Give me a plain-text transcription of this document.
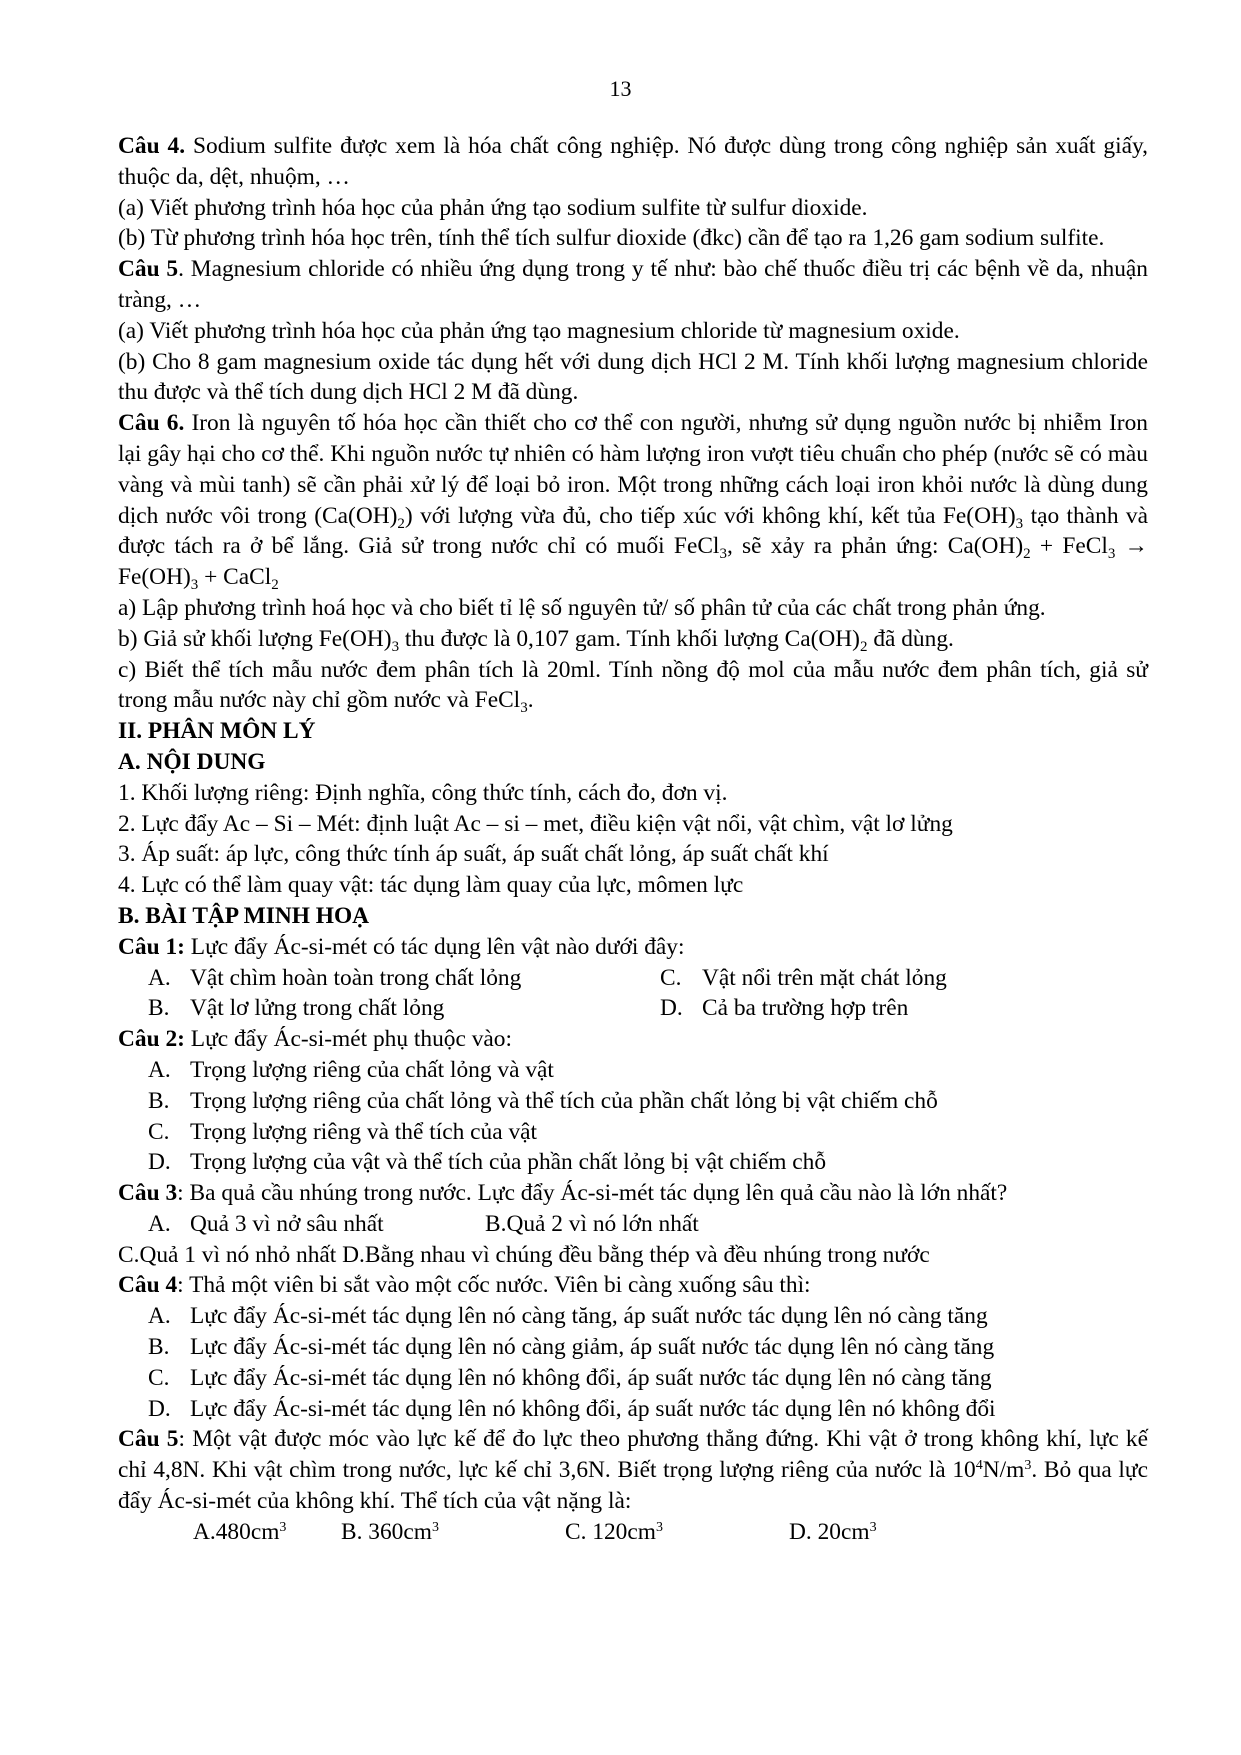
13

Câu 4. Sodium sulfite được xem là hóa chất công nghiệp. Nó được dùng trong công nghiệp sản xuất giấy, thuộc da, dệt, nhuộm, …

(a) Viết phương trình hóa học của phản ứng tạo sodium sulfite từ sulfur dioxide.

(b) Từ phương trình hóa học trên, tính thể tích sulfur dioxide (đkc) cần để tạo ra 1,26 gam sodium sulfite.

Câu 5. Magnesium chloride có nhiều ứng dụng trong y tế như: bào chế thuốc điều trị các bệnh về da, nhuận tràng, …

(a) Viết phương trình hóa học của phản ứng tạo magnesium chloride từ magnesium oxide.

(b) Cho 8 gam magnesium oxide tác dụng hết với dung dịch HCl 2 M. Tính khối lượng magnesium chloride thu được và thể tích dung dịch HCl 2 M đã dùng.

Câu 6. Iron là nguyên tố hóa học cần thiết cho cơ thể con người, nhưng sử dụng nguồn nước bị nhiễm Iron lại gây hại cho cơ thể. Khi nguồn nước tự nhiên có hàm lượng iron vượt tiêu chuẩn cho phép (nước sẽ có màu vàng và mùi tanh) sẽ cần phải xử lý để loại bỏ iron. Một trong những cách loại iron khỏi nước là dùng dung dịch nước vôi trong $(Ca(OH)_2)$ với lượng vừa đủ, cho tiếp xúc với không khí, kết tủa $Fe(OH)_3$ tạo thành và được tách ra ở bể lắng. Giả sử trong nước chỉ có muối FeCl$_3$, sẽ xảy ra phản ứng: $Ca(OH)_2$ + FeCl$_3$ → $Fe(OH)_3$ + CaCl$_2$

a) Lập phương trình hoá học và cho biết tỉ lệ số nguyên tử/ số phân tử của các chất trong phản ứng.

b) Giả sử khối lượng $Fe(OH)_3$ thu được là 0,107 gam. Tính khối lượng $Ca(OH)_2$ đã dùng.

c) Biết thể tích mẫu nước đem phân tích là 20ml. Tính nồng độ mol của mẫu nước đem phân tích, giả sử trong mẫu nước này chỉ gồm nước và FeCl$_3$.

II. PHÂN MÔN LÝ

A. NỘI DUNG

1. Khối lượng riêng: Định nghĩa, công thức tính, cách đo, đơn vị.

2. Lực đẩy Ac – Si – Mét: định luật Ac – si – met, điều kiện vật nổi, vật chìm, vật lơ lửng

3. Áp suất: áp lực, công thức tính áp suất, áp suất chất lỏng, áp suất chất khí

4. Lực có thể làm quay vật: tác dụng làm quay của lực, mômen lực

B. BÀI TẬP MINH HOẠ

Câu 1: Lực đẩy Ác-si-mét có tác dụng lên vật nào dưới đây:

A. Vật chìm hoàn toàn trong chất lỏng	C. Vật nổi trên mặt chát lỏng
B. Vật lơ lửng trong chất lỏng	D. Cả ba trường hợp trên

Câu 2: Lực đẩy Ác-si-mét phụ thuộc vào:

A. Trọng lượng riêng của chất lỏng và vật

B. Trọng lượng riêng của chất lỏng và thể tích của phần chất lỏng bị vật chiếm chỗ

C. Trọng lượng riêng và thể tích của vật

D. Trọng lượng của vật và thể tích của phần chất lỏng bị vật chiếm chỗ

Câu 3: Ba quả cầu nhúng trong nước. Lực đẩy Ác-si-mét tác dụng lên quả cầu nào là lớn nhất?

A. Quả 3 vì nở sâu nhất	B.Quả 2 vì nó lớn nhất

C.Quả 1 vì nó nhỏ nhất D.Bằng nhau vì chúng đều bằng thép và đều nhúng trong nước

Câu 4: Thả một viên bi sắt vào một cốc nước. Viên bi càng xuống sâu thì:

A. Lực đẩy Ác-si-mét tác dụng lên nó càng tăng, áp suất nước tác dụng lên nó càng tăng

B. Lực đẩy Ác-si-mét tác dụng lên nó càng giảm, áp suất nước tác dụng lên nó càng tăng

C. Lực đẩy Ác-si-mét tác dụng lên nó không đổi, áp suất nước tác dụng lên nó càng tăng

D. Lực đẩy Ác-si-mét tác dụng lên nó không đổi, áp suất nước tác dụng lên nó không đổi

Câu 5: Một vật được móc vào lực kế để đo lực theo phương thẳng đứng. Khi vật ở trong không khí, lực kế chỉ 4,8N. Khi vật chìm trong nước, lực kế chỉ 3,6N. Biết trọng lượng riêng của nước là $10^4N/m^3$. Bỏ qua lực đẩy Ác-si-mét của không khí. Thể tích của vật nặng là:

$A.480cm^3$	B. $360cm^3$	C. $120cm^3$	D. $20cm^3$
